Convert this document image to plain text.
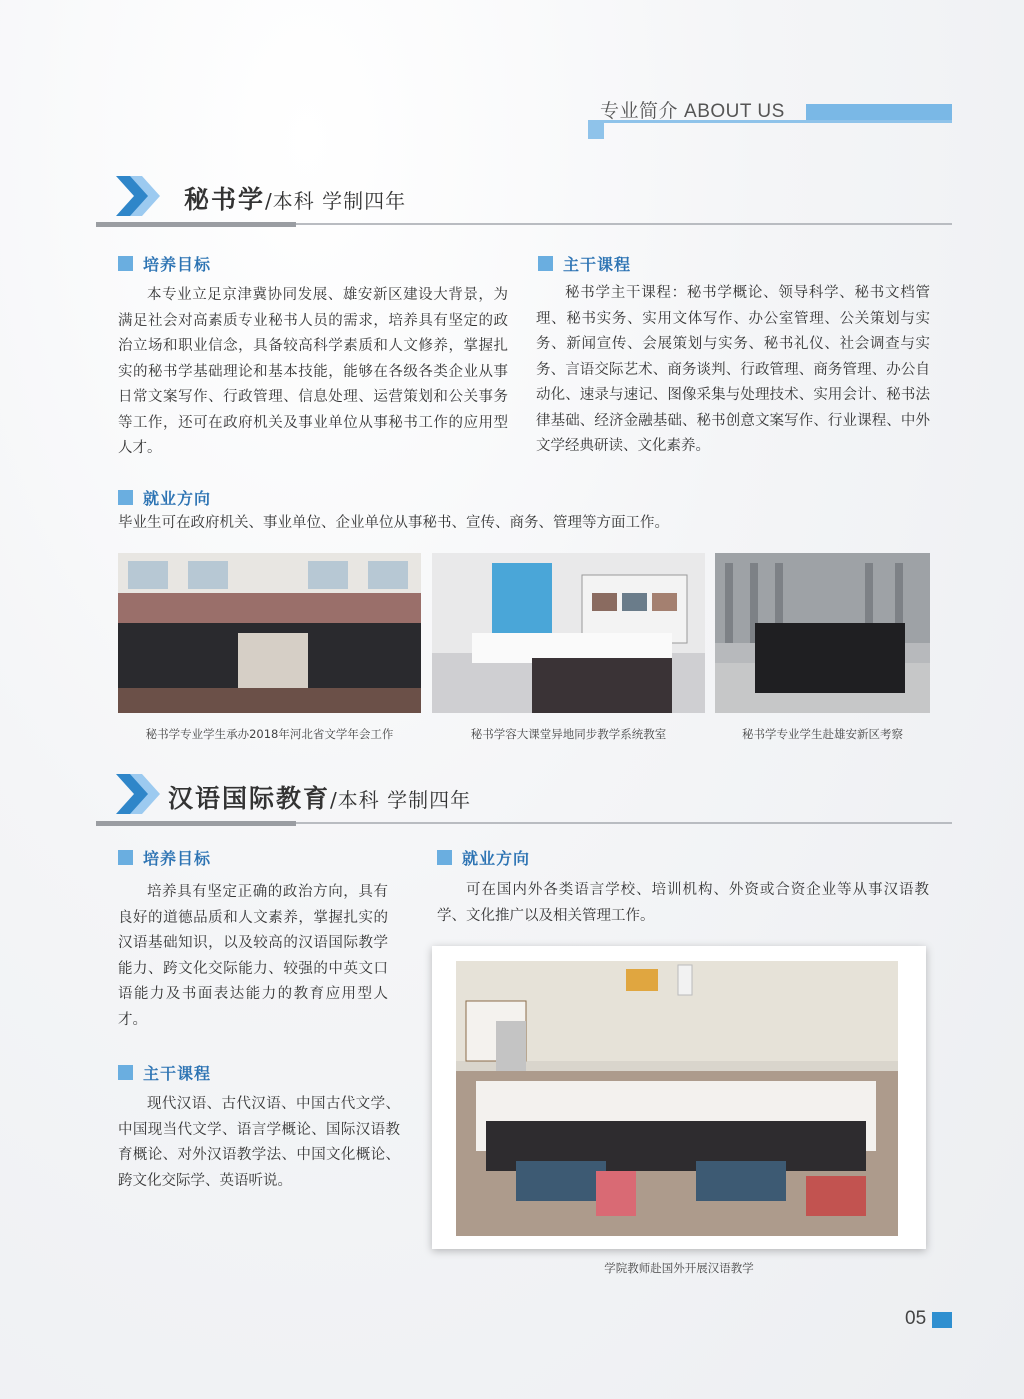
专业简介 ABOUT US
秘书学/本科 学制四年
培养目标

本专业立足京津冀协同发展、雄安新区建设大背景，为满足社会对高素质专业秘书人员的需求，培养具有坚定的政治立场和职业信念，具备较高科学素质和人文修养，掌握扎实的秘书学基础理论和基本技能，能够在各级各类企业从事日常文案写作、行政管理、信息处理、运营策划和公关事务等工作，还可在政府机关及事业单位从事秘书工作的应用型人才。

主干课程

秘书学主干课程：秘书学概论、领导科学、秘书文档管理、秘书实务、实用文体写作、办公室管理、公关策划与实务、新闻宣传、会展策划与实务、秘书礼仪、社会调查与实务、言语交际艺术、商务谈判、行政管理、商务管理、办公自动化、速录与速记、图像采集与处理技术、实用会计、秘书法律基础、经济金融基础、秘书创意文案写作、行业课程、中外文学经典研读、文化素养。

就业方向

毕业生可在政府机关、事业单位、企业单位从事秘书、宣传、商务、管理等方面工作。

秘书学专业学生承办2018年河北省文学年会工作	秘书学容大课堂异地同步教学系统教室	秘书学专业学生赴雄安新区考察
汉语国际教育/本科 学制四年
培养目标

培养具有坚定正确的政治方向，具有良好的道德品质和人文素养，掌握扎实的汉语基础知识，以及较高的汉语国际教学能力、跨文化交际能力、较强的中英文口语能力及书面表达能力的教育应用型人才。

主干课程

现代汉语、古代汉语、中国古代文学、中国现当代文学、语言学概论、国际汉语教育概论、对外汉语教学法、中国文化概论、跨文化交际学、英语听说。

就业方向

可在国内外各类语言学校、培训机构、外资或合资企业等从事汉语教学、文化推广以及相关管理工作。

学院教师赴国外开展汉语教学
05
